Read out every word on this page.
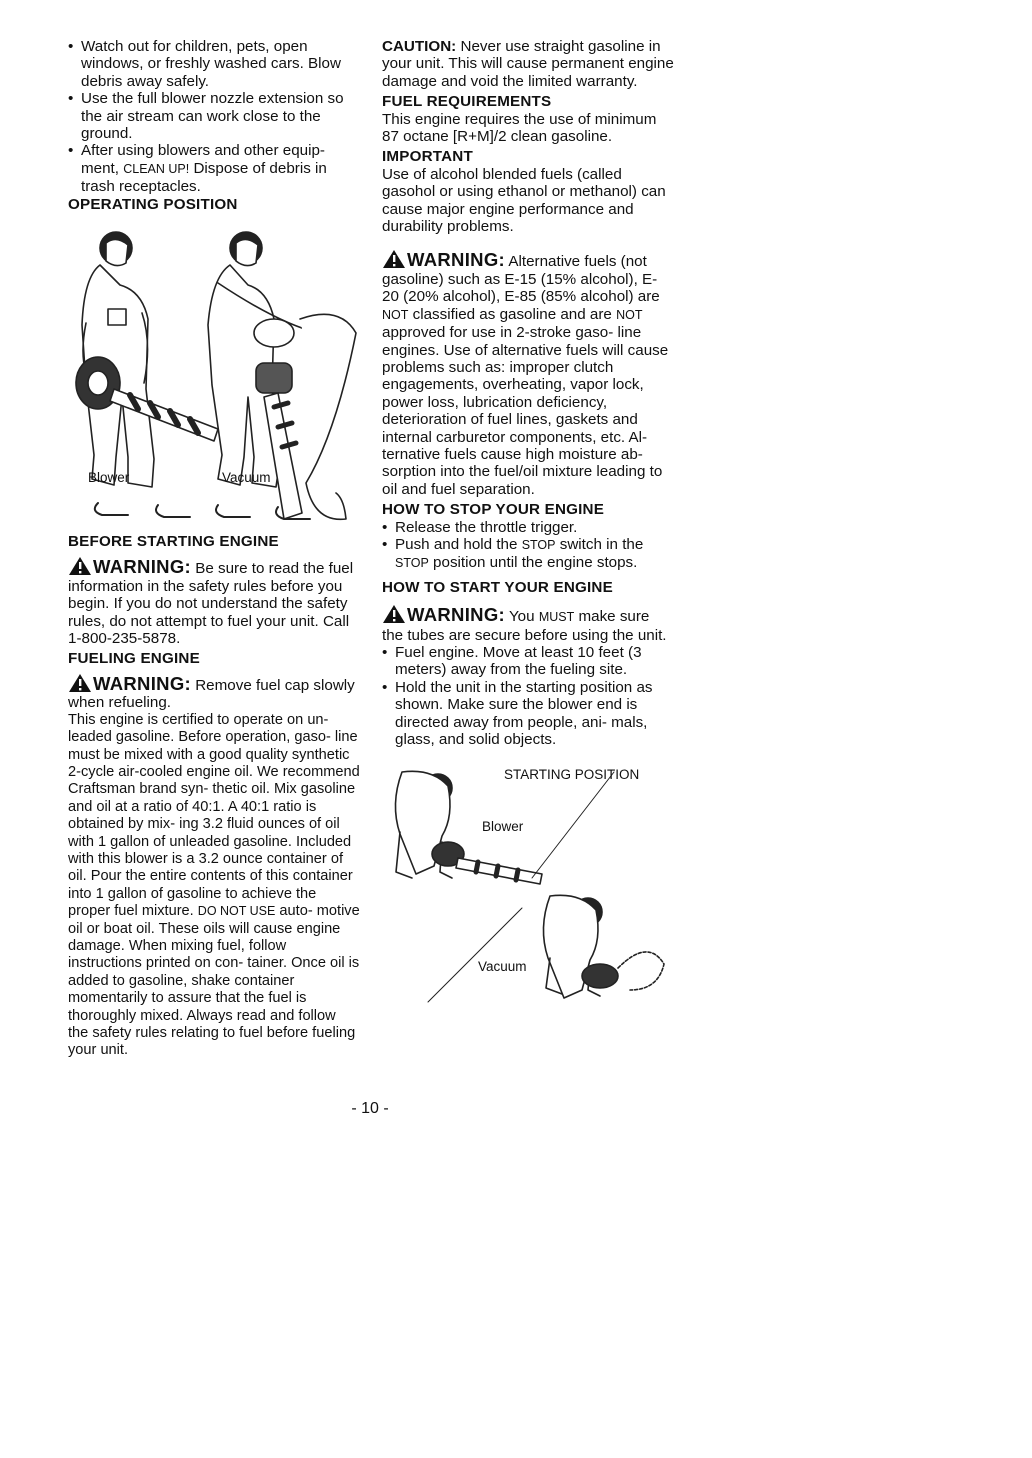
• Watch out for children, pets, open windows, or freshly washed cars. Blow debris away safely.
• Use the full blower nozzle extension so the air stream can work close to the ground.
• After using blowers and other equip- ment, CLEAN UP! Dispose of debris in trash receptacles.
OPERATING POSITION
Blower	Vacuum
BEFORE STARTING ENGINE

WARNING: Be sure to read the fuel information in the safety rules before you begin. If you do not understand the safety rules, do not attempt to fuel your unit. Call 1-800-235-5878.

FUELING ENGINE

WARNING: Remove fuel cap slowly when refueling.

This engine is certified to operate on un- leaded gasoline. Before operation, gaso- line must be mixed with a good quality synthetic 2-cycle air-cooled engine oil. We recommend Craftsman brand syn- thetic oil. Mix gasoline and oil at a ratio of 40:1. A 40:1 ratio is obtained by mix- ing 3.2 fluid ounces of oil with 1 gallon of unleaded gasoline. Included with this blower is a 3.2 ounce container of oil. Pour the entire contents of this container into 1 gallon of gasoline to achieve the proper fuel mixture. DO NOT USE auto- motive oil or boat oil. These oils will cause engine damage. When mixing fuel, follow instructions printed on con- tainer. Once oil is added to gasoline, shake container momentarily to assure that the fuel is thoroughly mixed. Always read and follow the safety rules relating to fuel before fueling your unit.

CAUTION: Never use straight gasoline in your unit. This will cause permanent engine damage and void the limited warranty.

FUEL REQUIREMENTS

This engine requires the use of minimum 87 octane [R+M]/2 clean gasoline.

IMPORTANT

Use of alcohol blended fuels (called gasohol or using ethanol or methanol) can cause major engine performance and durability problems.

WARNING: Alternative fuels (not gasoline) such as E-15 (15% alcohol), E-20 (20% alcohol), E-85 (85% alcohol) are NOT classified as gasoline and are NOT approved for use in 2-stroke gaso- line engines. Use of alternative fuels will cause problems such as: improper clutch engagements, overheating, vapor lock, power loss, lubrication deficiency, deterioration of fuel lines, gaskets and internal carburetor components, etc. Al- ternative fuels cause high moisture ab- sorption into the fuel/oil mixture leading to oil and fuel separation.

HOW TO STOP YOUR ENGINE
• Release the throttle trigger.
• Push and hold the STOP switch in the STOP position until the engine stops.
HOW TO START YOUR ENGINE

WARNING: You MUST make sure the tubes are secure before using the unit.

• Fuel engine. Move at least 10 feet (3 meters) away from the fueling site.
• Hold the unit in the starting position as shown. Make sure the blower end is directed away from people, ani- mals, glass, and solid objects.
STARTING POSITION
Blower
Vacuum
- 10 -
